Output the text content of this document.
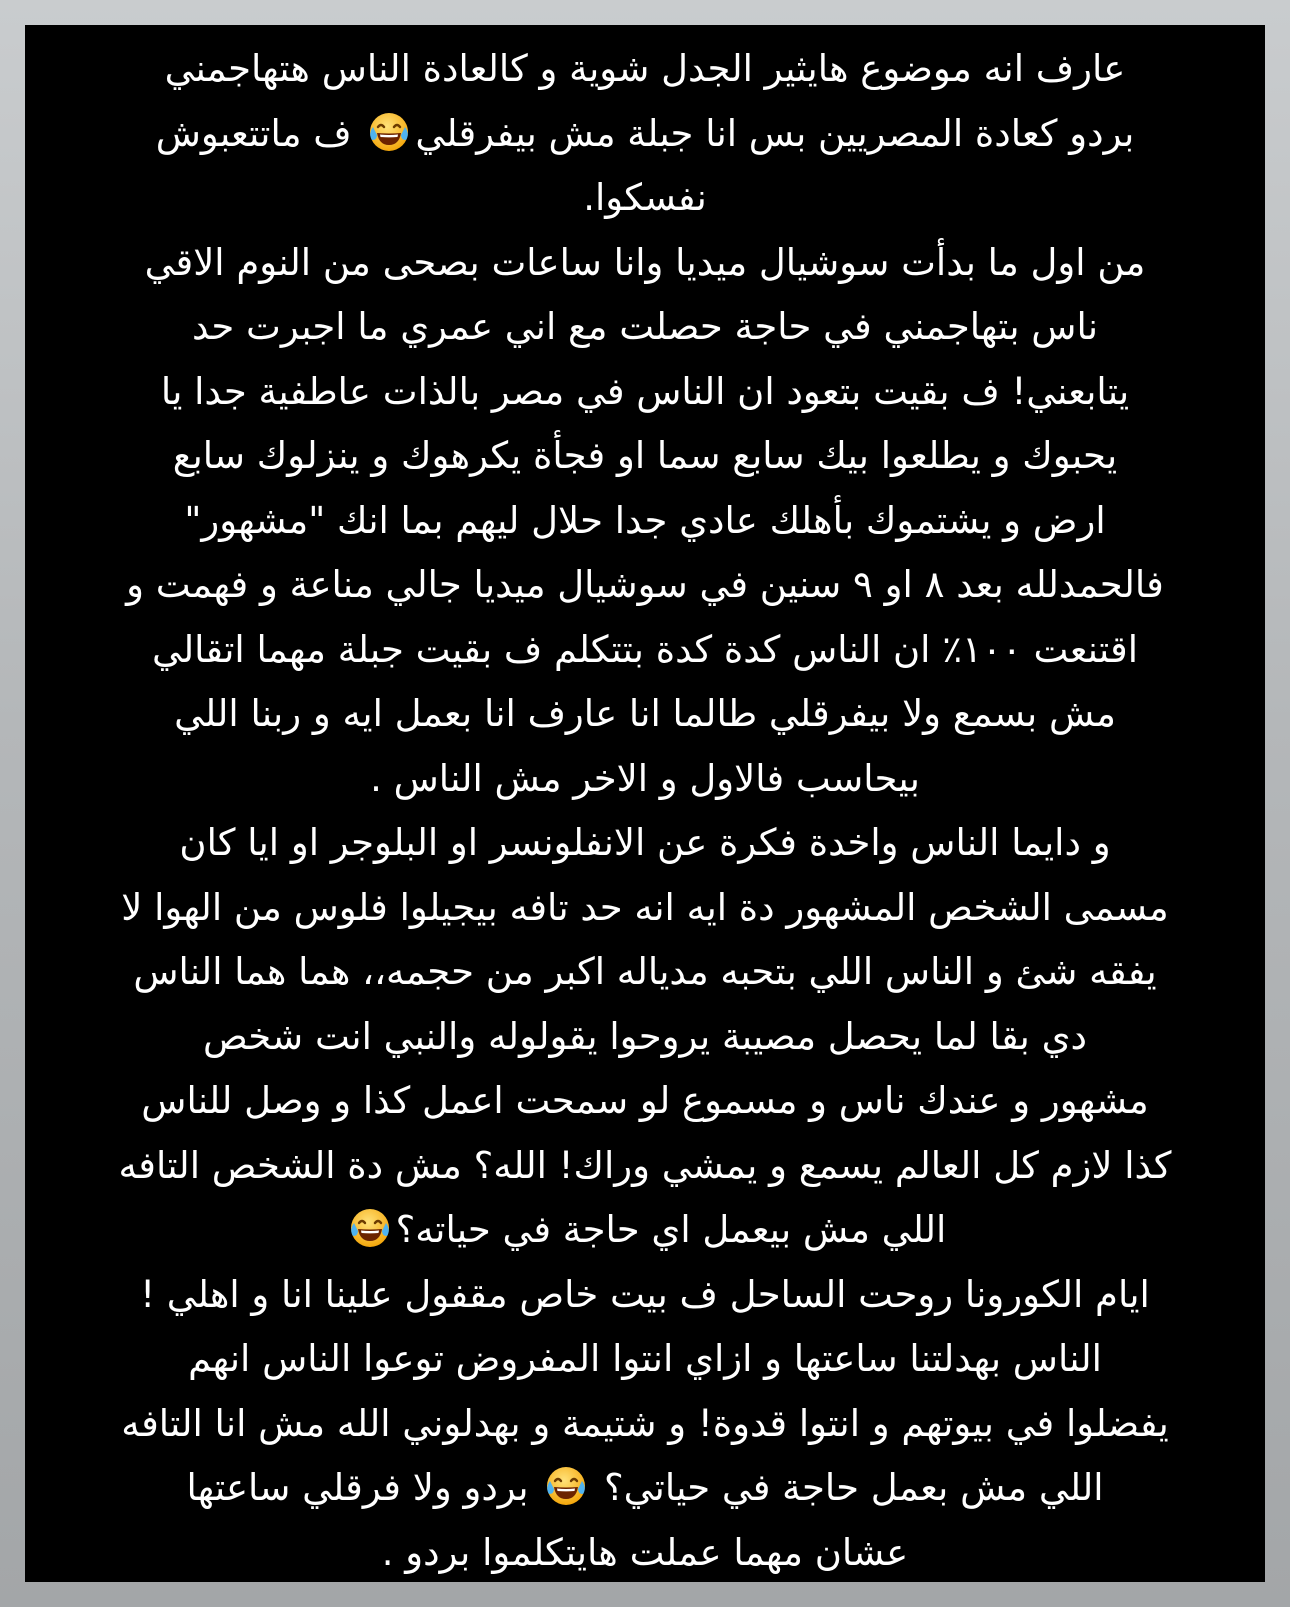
عارف انه موضوع هايثير الجدل شوية و كالعادة الناس هتهاجمني
بردو كعادة المصريين بس انا جبلة مش بيفرقلي
ف ماتتعبوش
نفسكوا.
من اول ما بدأت سوشيال ميديا وانا ساعات بصحى من النوم الاقي
ناس بتهاجمني في حاجة حصلت مع اني عمري ما اجبرت حد
يتابعني! ف بقيت بتعود ان الناس في مصر بالذات عاطفية جدا يا
يحبوك و يطلعوا بيك سابع سما او فجأة يكرهوك و ينزلوك سابع
ارض و يشتموك بأهلك عادي جدا حلال ليهم بما انك "مشهور"
فالحمدلله بعد ٨ او ٩ سنين في سوشيال ميديا جالي مناعة و فهمت و
اقتنعت ١٠٠٪ ان الناس كدة كدة بتتكلم ف بقيت جبلة مهما اتقالي
مش بسمع ولا بيفرقلي طالما انا عارف انا بعمل ايه و ربنا اللي
بيحاسب فالاول و الاخر مش الناس .
و دايما الناس واخدة فكرة عن الانفلونسر او البلوجر او ايا كان
مسمى الشخص المشهور دة ايه انه حد تافه بيجيلوا فلوس من الهوا لا
يفقه شئ و الناس اللي بتحبه مدياله اكبر من حجمه،، هما هما الناس
دي بقا لما يحصل مصيبة يروحوا يقولوله والنبي انت شخص
مشهور و عندك ناس و مسموع لو سمحت اعمل كذا و وصل للناس
كذا لازم كل العالم يسمع و يمشي وراك! الله؟ مش دة الشخص التافه
اللي مش بيعمل اي حاجة في حياته؟
ايام الكورونا روحت الساحل ف بيت خاص مقفول علينا انا و اهلي !
الناس بهدلتنا ساعتها و ازاي انتوا المفروض توعوا الناس انهم
يفضلوا في بيوتهم و انتوا قدوة! و شتيمة و بهدلوني الله مش انا التافه
اللي مش بعمل حاجة في حياتي؟
بردو ولا فرقلي ساعتها
عشان مهما عملت هايتكلموا بردو .
